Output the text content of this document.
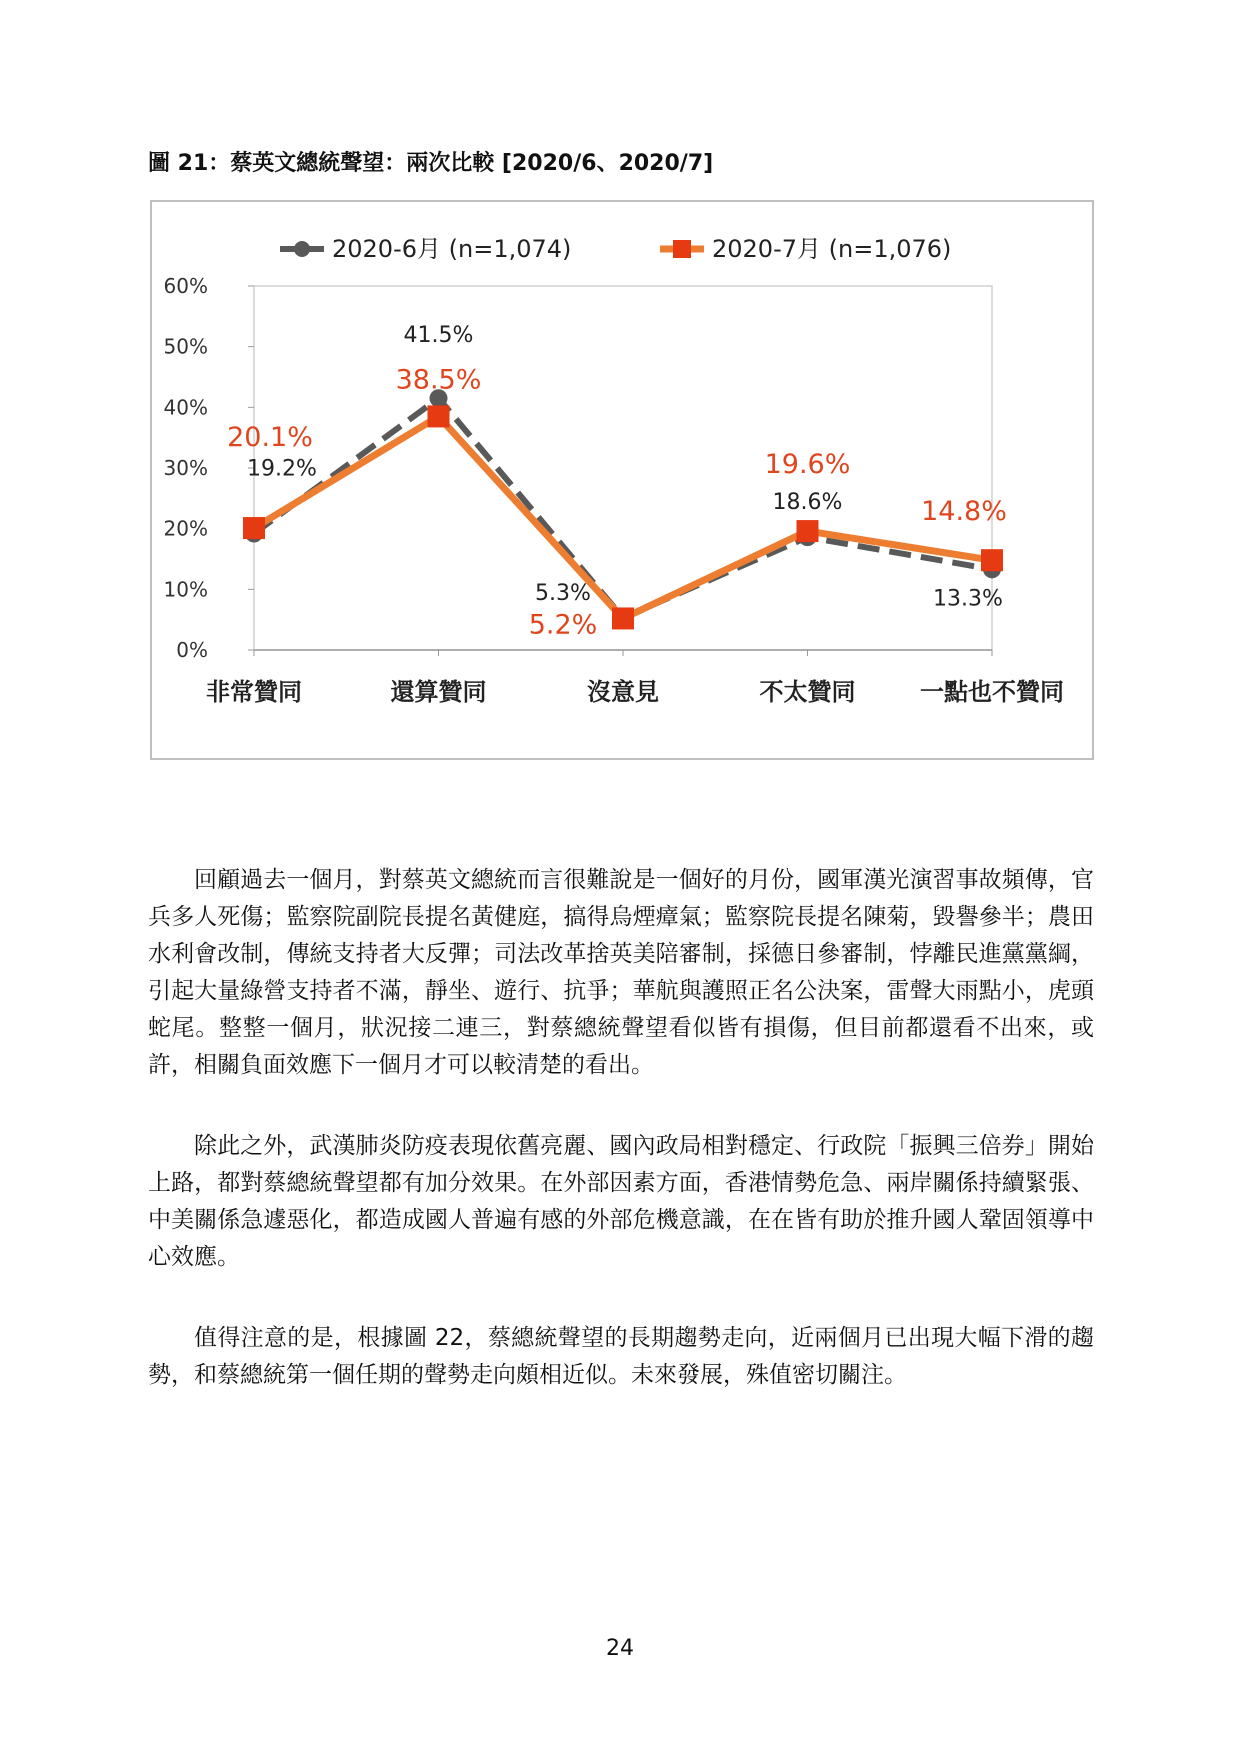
圖 21：蔡英文總統聲望：兩次比較 [2020/6、2020/7]
0%
10%
20%
30%
40%
50%
60%
非常贊同	還算贊同	沒意見	不太贊同	一點也不贊同
19.2%
41.5%
5.3%
18.6%
13.3%
20.1%
38.5%
5.2%
19.6%
14.8%
2020-6月 (n=1,074)	2020-7月 (n=1,076)

回顧過去一個月，對蔡英文總統而言很難說是一個好的月份，國軍漢光演習事故頻傳，官兵多人死傷；監察院副院長提名黃健庭，搞得烏煙瘴氣；監察院長提名陳菊，毀譽參半；農田水利會改制，傳統支持者大反彈；司法改革捨英美陪審制，採德日參審制，悖離民進黨黨綱，引起大量綠營支持者不滿，靜坐、遊行、抗爭；華航與護照正名公決案，雷聲大雨點小，虎頭蛇尾。整整一個月，狀況接二連三，對蔡總統聲望看似皆有損傷，但目前都還看不出來，或許，相關負面效應下一個月才可以較清楚的看出。

除此之外，武漢肺炎防疫表現依舊亮麗、國內政局相對穩定、行政院「振興三倍券」開始上路，都對蔡總統聲望都有加分效果。在外部因素方面，香港情勢危急、兩岸關係持續緊張、中美關係急遽惡化，都造成國人普遍有感的外部危機意識，在在皆有助於推升國人鞏固領導中心效應。

值得注意的是，根據圖 22，蔡總統聲望的長期趨勢走向，近兩個月已出現大幅下滑的趨勢，和蔡總統第一個任期的聲勢走向頗相近似。未來發展，殊值密切關注。

24
